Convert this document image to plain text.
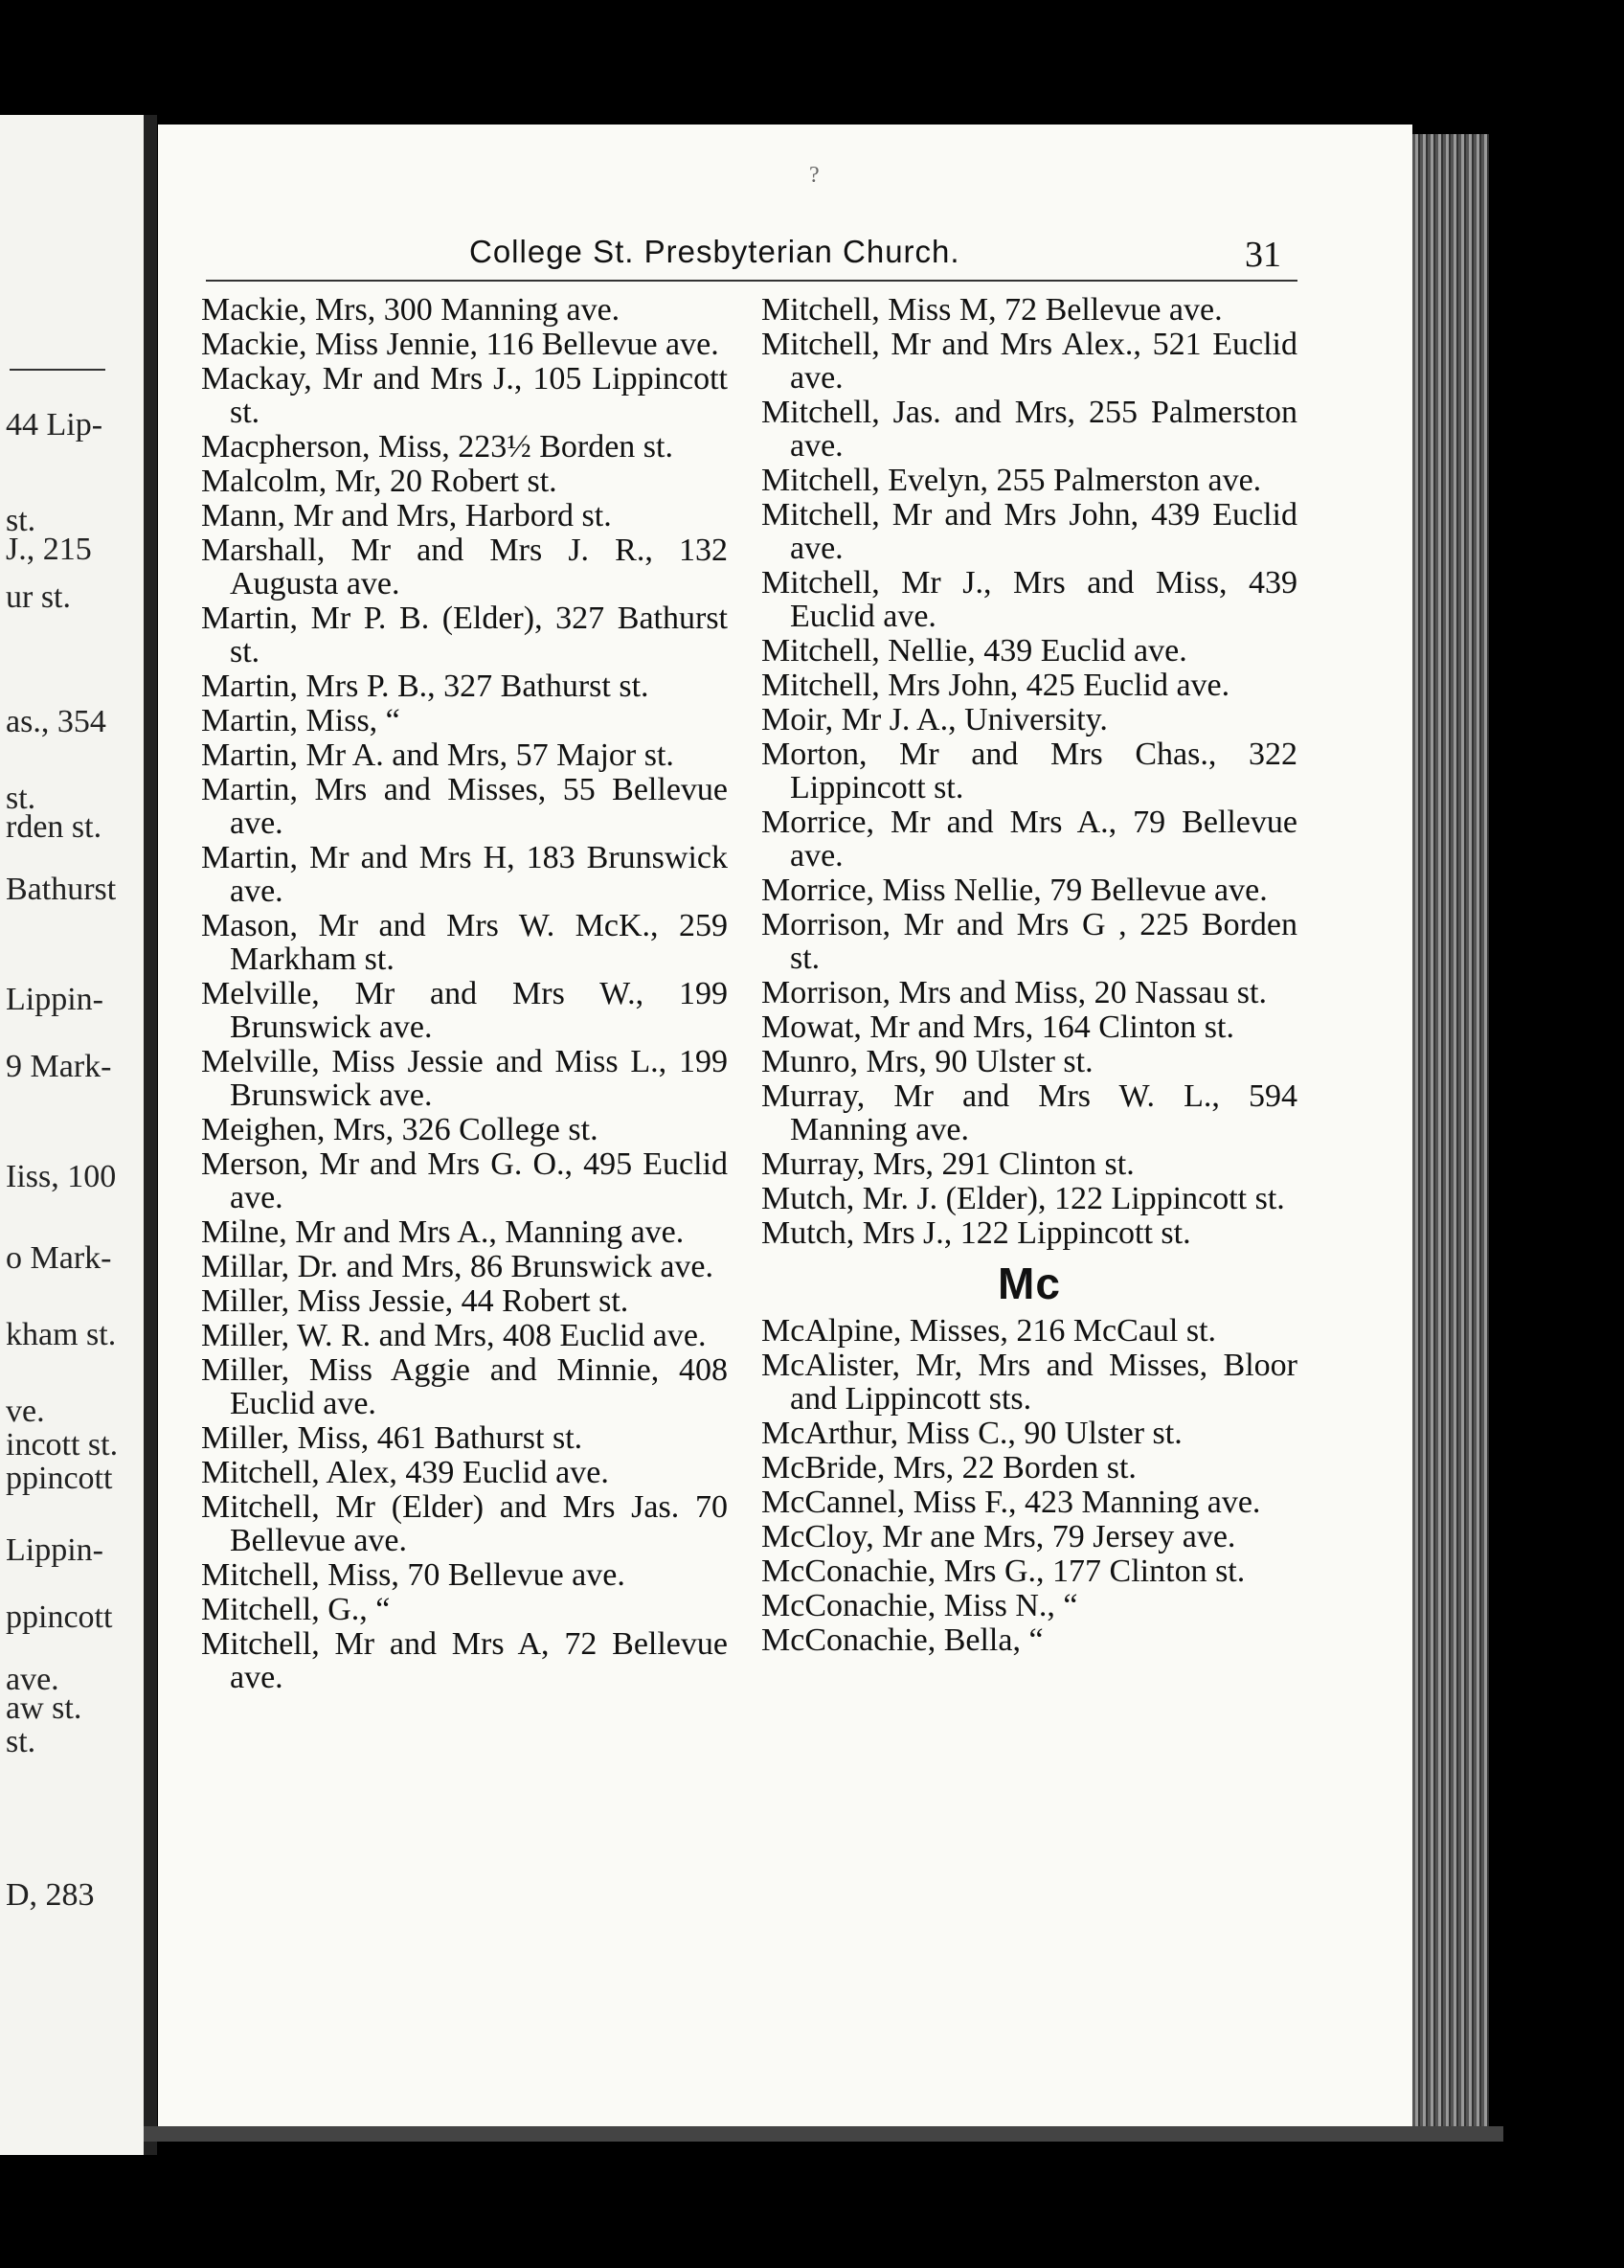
44 Lip-
st.
J., 215
ur st.
as., 354
st.
rden st.
Bathurst
Lippin-
9 Mark-
Iiss, 100
o Mark-
kham st.
ve.
incott st.
ppincott
Lippin-
ppincott
ave.
aw st.
st.
D, 283
College St. Presbyterian Church.	31
Mackie, Mrs, 300 Manning ave.
Mackie, Miss Jennie, 116 Bellevue ave.
Mackay, Mr and Mrs J., 105 Lippincott st.
Macpherson, Miss, 223½ Borden st.
Malcolm, Mr, 20 Robert st.
Mann, Mr and Mrs, Harbord st.
Marshall, Mr and Mrs J. R., 132 Augusta ave.
Martin, Mr P. B. (Elder), 327 Bathurst st.
Martin, Mrs P. B., 327 Bathurst st.
Martin, Miss, “
Martin, Mr A. and Mrs, 57 Major st.
Martin, Mrs and Misses, 55 Bellevue ave.
Martin, Mr and Mrs H, 183 Brunswick ave.
Mason, Mr and Mrs W. McK., 259 Markham st.
Melville, Mr and Mrs W., 199 Brunswick ave.
Melville, Miss Jessie and Miss L., 199 Brunswick ave.
Meighen, Mrs, 326 College st.
Merson, Mr and Mrs G. O., 495 Euclid ave.
Milne, Mr and Mrs A., Manning ave.
Millar, Dr. and Mrs, 86 Brunswick ave.
Miller, Miss Jessie, 44 Robert st.
Miller, W. R. and Mrs, 408 Euclid ave.
Miller, Miss Aggie and Minnie, 408 Euclid ave.
Miller, Miss, 461 Bathurst st.
Mitchell, Alex, 439 Euclid ave.
Mitchell, Mr (Elder) and Mrs Jas. 70 Bellevue ave.
Mitchell, Miss, 70 Bellevue ave.
Mitchell, G., “
Mitchell, Mr and Mrs A, 72 Bellevue ave.
Mitchell, Miss M, 72 Bellevue ave.
Mitchell, Mr and Mrs Alex., 521 Euclid ave.
Mitchell, Jas. and Mrs, 255 Palmerston ave.
Mitchell, Evelyn, 255 Palmerston ave.
Mitchell, Mr and Mrs John, 439 Euclid ave.
Mitchell, Mr J., Mrs and Miss, 439 Euclid ave.
Mitchell, Nellie, 439 Euclid ave.
Mitchell, Mrs John, 425 Euclid ave.
Moir, Mr J. A., University.
Morton, Mr and Mrs Chas., 322 Lippincott st.
Morrice, Mr and Mrs A., 79 Bellevue ave.
Morrice, Miss Nellie, 79 Bellevue ave.
Morrison, Mr and Mrs G , 225 Borden st.
Morrison, Mrs and Miss, 20 Nassau st.
Mowat, Mr and Mrs, 164 Clinton st.
Munro, Mrs, 90 Ulster st.
Murray, Mr and Mrs W. L., 594 Manning ave.
Murray, Mrs, 291 Clinton st.
Mutch, Mr. J. (Elder), 122 Lippincott st.
Mutch, Mrs J., 122 Lippincott st.
Mc
McAlpine, Misses, 216 McCaul st.
McAlister, Mr, Mrs and Misses, Bloor and Lippincott sts.
McArthur, Miss C., 90 Ulster st.
McBride, Mrs, 22 Borden st.
McCannel, Miss F., 423 Manning ave.
McCloy, Mr ane Mrs, 79 Jersey ave.
McConachie, Mrs G., 177 Clinton st.
McConachie, Miss N., “
McConachie, Bella, “
?
